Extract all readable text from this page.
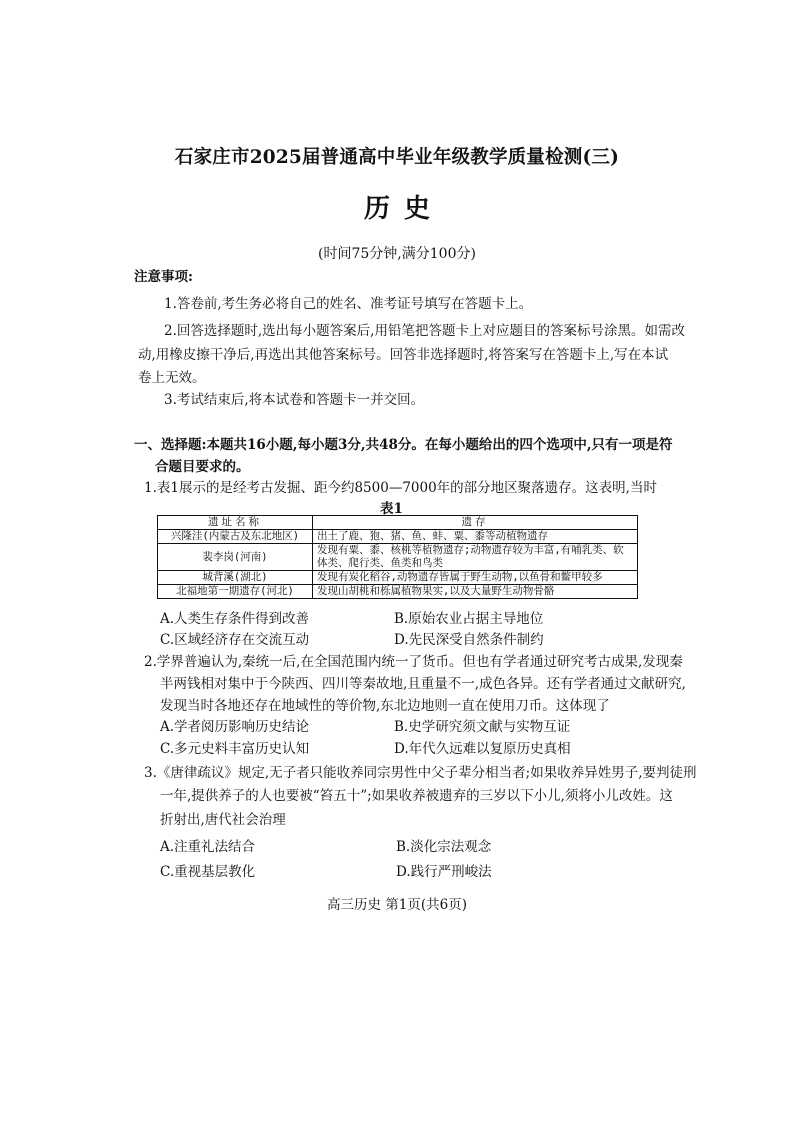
石家庄市2025届普通高中毕业年级教学质量检测(三)
历史
(时间75分钟,满分100分)
注意事项:
1.答卷前,考生务必将自己的姓名、准考证号填写在答题卡上。
2.回答选择题时,选出每小题答案后,用铅笔把答题卡上对应题目的答案标号涂黑。如需改
动,用橡皮擦干净后,再选出其他答案标号。回答非选择题时,将答案写在答题卡上,写在本试
卷上无效。
3.考试结束后,将本试卷和答题卡一并交回。
一、选择题:本题共16小题,每小题3分,共48分。在每小题给出的四个选项中,只有一项是符
合题目要求的。
1.表1展示的是经考古发掘、距今约8500—7000年的部分地区聚落遗存。这表明,当时
表1
遗址名称	遗存
兴隆洼(内蒙古及东北地区)	出土了鹿、狍、猪、鱼、蚌、粟、黍等动植物遗存
裴李岗(河南)	发现有粟、黍、核桃等植物遗存;动物遗存较为丰富,有哺乳类、软
体类、爬行类、鱼类和鸟类

城背溪(湖北)	发现有炭化稻谷,动物遗存皆属于野生动物,以鱼骨和鳖甲较多
北福地第一期遗存(河北)	发现山胡桃和栎属植物果实,以及大量野生动物骨骼
A.人类生存条件得到改善	B.原始农业占据主导地位
C.区域经济存在交流互动	D.先民深受自然条件制约
2.学界普遍认为,秦统一后,在全国范围内统一了货币。但也有学者通过研究考古成果,发现秦
半两钱相对集中于今陕西、四川等秦故地,且重量不一,成色各异。还有学者通过文献研究,
发现当时各地还存在地域性的等价物,东北边地则一直在使用刀币。这体现了
A.学者阅历影响历史结论	B.史学研究须文献与实物互证
C.多元史料丰富历史认知	D.年代久远难以复原历史真相
3.《唐律疏议》规定,无子者只能收养同宗男性中父子辈分相当者;如果收养异姓男子,要判徒刑
一年,提供养子的人也要被“笞五十”;如果收养被遗弃的三岁以下小儿,须将小儿改姓。这
折射出,唐代社会治理
A.注重礼法结合	B.淡化宗法观念
C.重视基层教化	D.践行严刑峻法
高三历史 第1页(共6页)
